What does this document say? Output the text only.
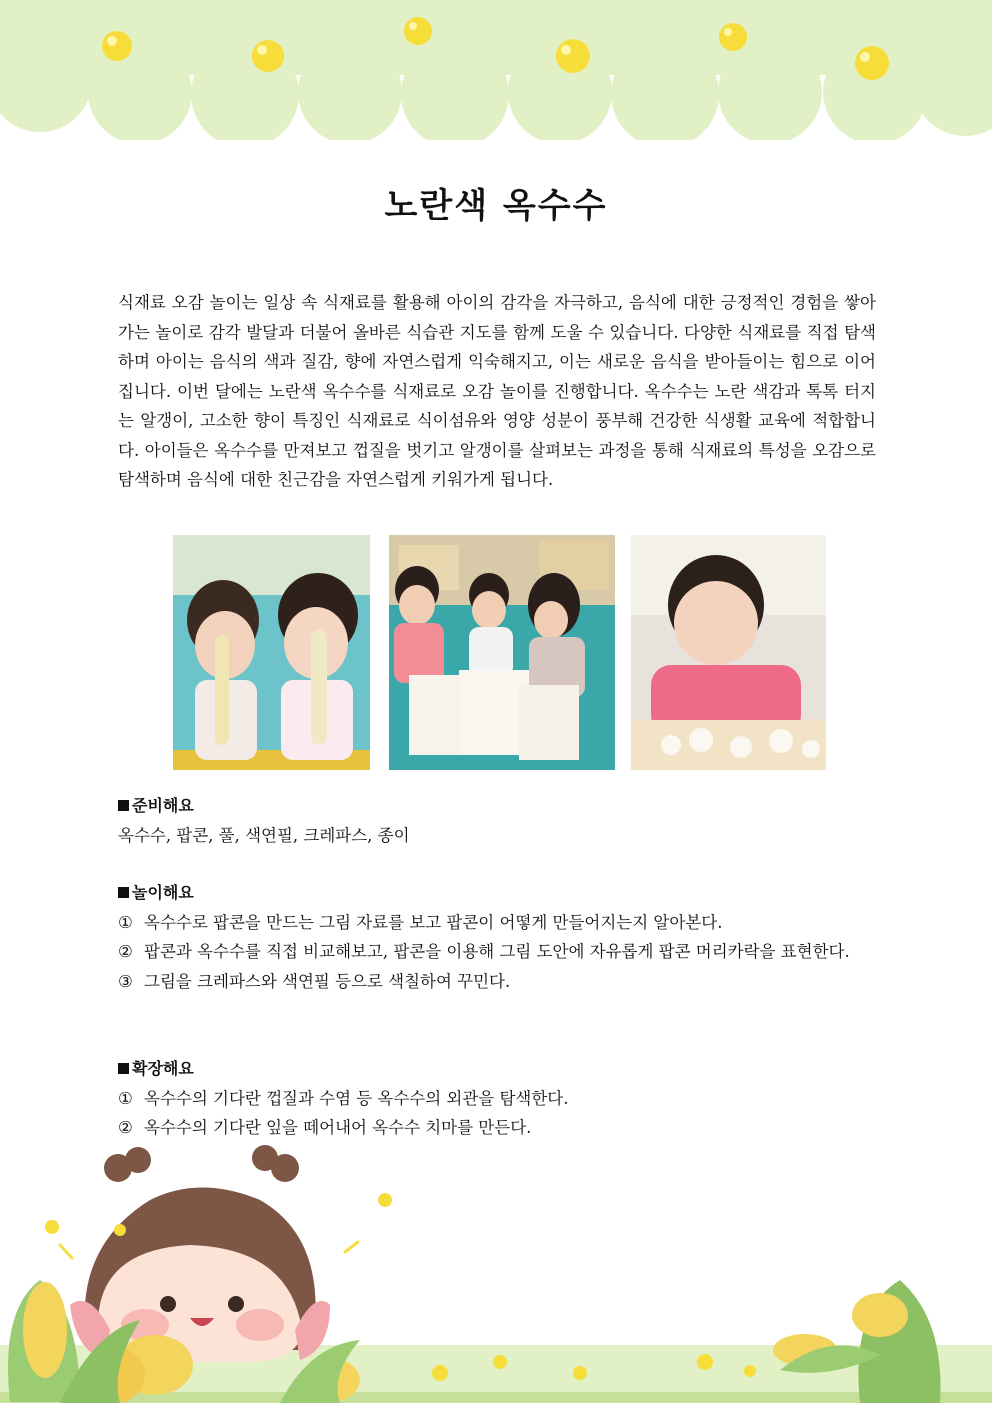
노란색 옥수수

식재료 오감 놀이는 일상 속 식재료를 활용해 아이의 감각을 자극하고, 음식에 대한 긍정적인 경험을 쌓아가는 놀이로 감각 발달과 더불어 올바른 식습관 지도를 함께 도울 수 있습니다. 다양한 식재료를 직접 탐색하며 아이는 음식의 색과 질감, 향에 자연스럽게 익숙해지고, 이는 새로운 음식을 받아들이는 힘으로 이어집니다. 이번 달에는 노란색 옥수수를 식재료로 오감 놀이를 진행합니다. 옥수수는 노란 색감과 톡톡 터지는 알갱이, 고소한 향이 특징인 식재료로 식이섬유와 영양 성분이 풍부해 건강한 식생활 교육에 적합합니다. 아이들은 옥수수를 만져보고 껍질을 벗기고 알갱이를 살펴보는 과정을 통해 식재료의 특성을 오감으로 탐색하며 음식에 대한 친근감을 자연스럽게 키워가게 됩니다.

준비해요

옥수수, 팝콘, 풀, 색연필, 크레파스, 종이

놀이해요

① 옥수수로 팝콘을 만드는 그림 자료를 보고 팝콘이 어떻게 만들어지는지 알아본다.

② 팝콘과 옥수수를 직접 비교해보고, 팝콘을 이용해 그림 도안에 자유롭게 팝콘 머리카락을 표현한다.

③ 그림을 크레파스와 색연필 등으로 색칠하여 꾸민다.

확장해요

① 옥수수의 기다란 껍질과 수염 등 옥수수의 외관을 탐색한다.

② 옥수수의 기다란 잎을 떼어내어 옥수수 치마를 만든다.
